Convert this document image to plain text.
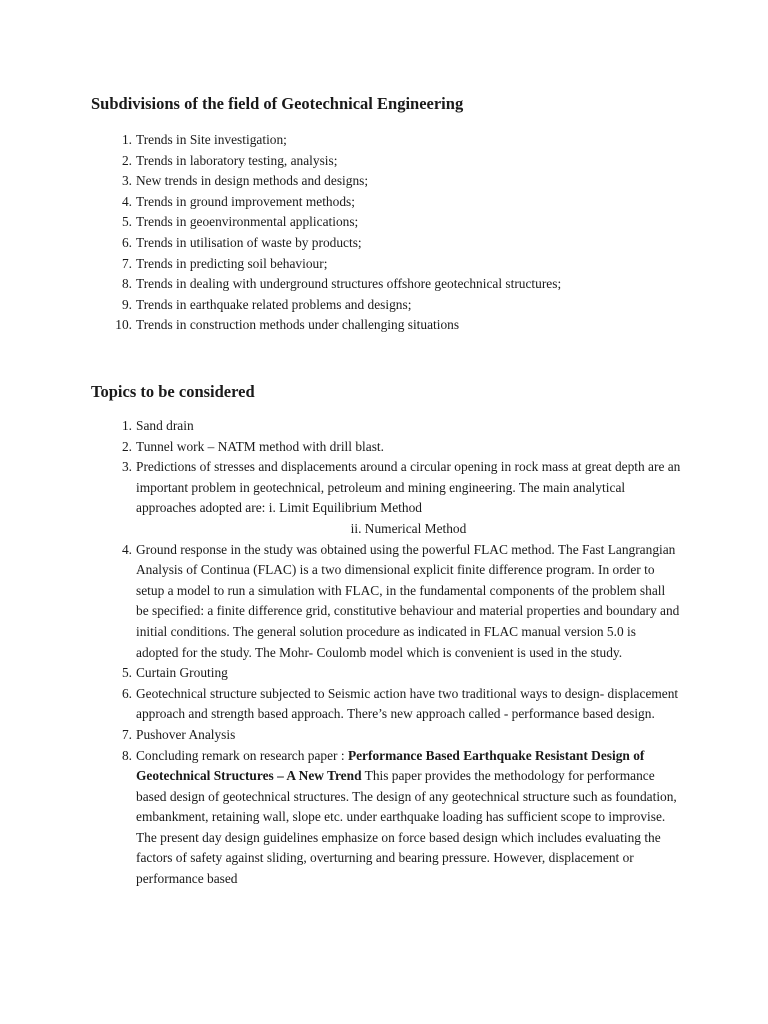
Subdivisions of the field of Geotechnical Engineering
1. Trends in Site investigation;
2. Trends in laboratory testing, analysis;
3. New trends in design methods and designs;
4. Trends in ground improvement methods;
5. Trends in geoenvironmental applications;
6. Trends in utilisation of waste by products;
7. Trends in predicting soil behaviour;
8. Trends in dealing with underground structures offshore geotechnical structures;
9. Trends in earthquake related problems and designs;
10. Trends in construction methods under challenging situations
Topics to be considered
1. Sand drain
2. Tunnel work – NATM method with drill blast.
3. Predictions of stresses and displacements around a circular opening in rock mass at great depth are an important problem in geotechnical, petroleum and mining engineering. The main analytical approaches adopted are: i. Limit Equilibrium Method
ii. Numerical Method
4. Ground response in the study was obtained using the powerful FLAC method. The Fast Langrangian Analysis of Continua (FLAC) is a two dimensional explicit finite difference program. In order to setup a model to run a simulation with FLAC, in the fundamental components of the problem shall be specified: a finite difference grid, constitutive behaviour and material properties and boundary and initial conditions. The general solution procedure as indicated in FLAC manual version 5.0 is adopted for the study. The Mohr- Coulomb model which is convenient is used in the study.
5. Curtain Grouting
6. Geotechnical structure subjected to Seismic action have two traditional ways to design- displacement approach and strength based approach. There’s new approach called - performance based design.
7. Pushover Analysis
8. Concluding remark on research paper : Performance Based Earthquake Resistant Design of Geotechnical Structures – A New Trend This paper provides the methodology for performance based design of geotechnical structures. The design of any geotechnical structure such as foundation, embankment, retaining wall, slope etc. under earthquake loading has sufficient scope to improvise. The present day design guidelines emphasize on force based design which includes evaluating the factors of safety against sliding, overturning and bearing pressure. However, displacement or performance based
